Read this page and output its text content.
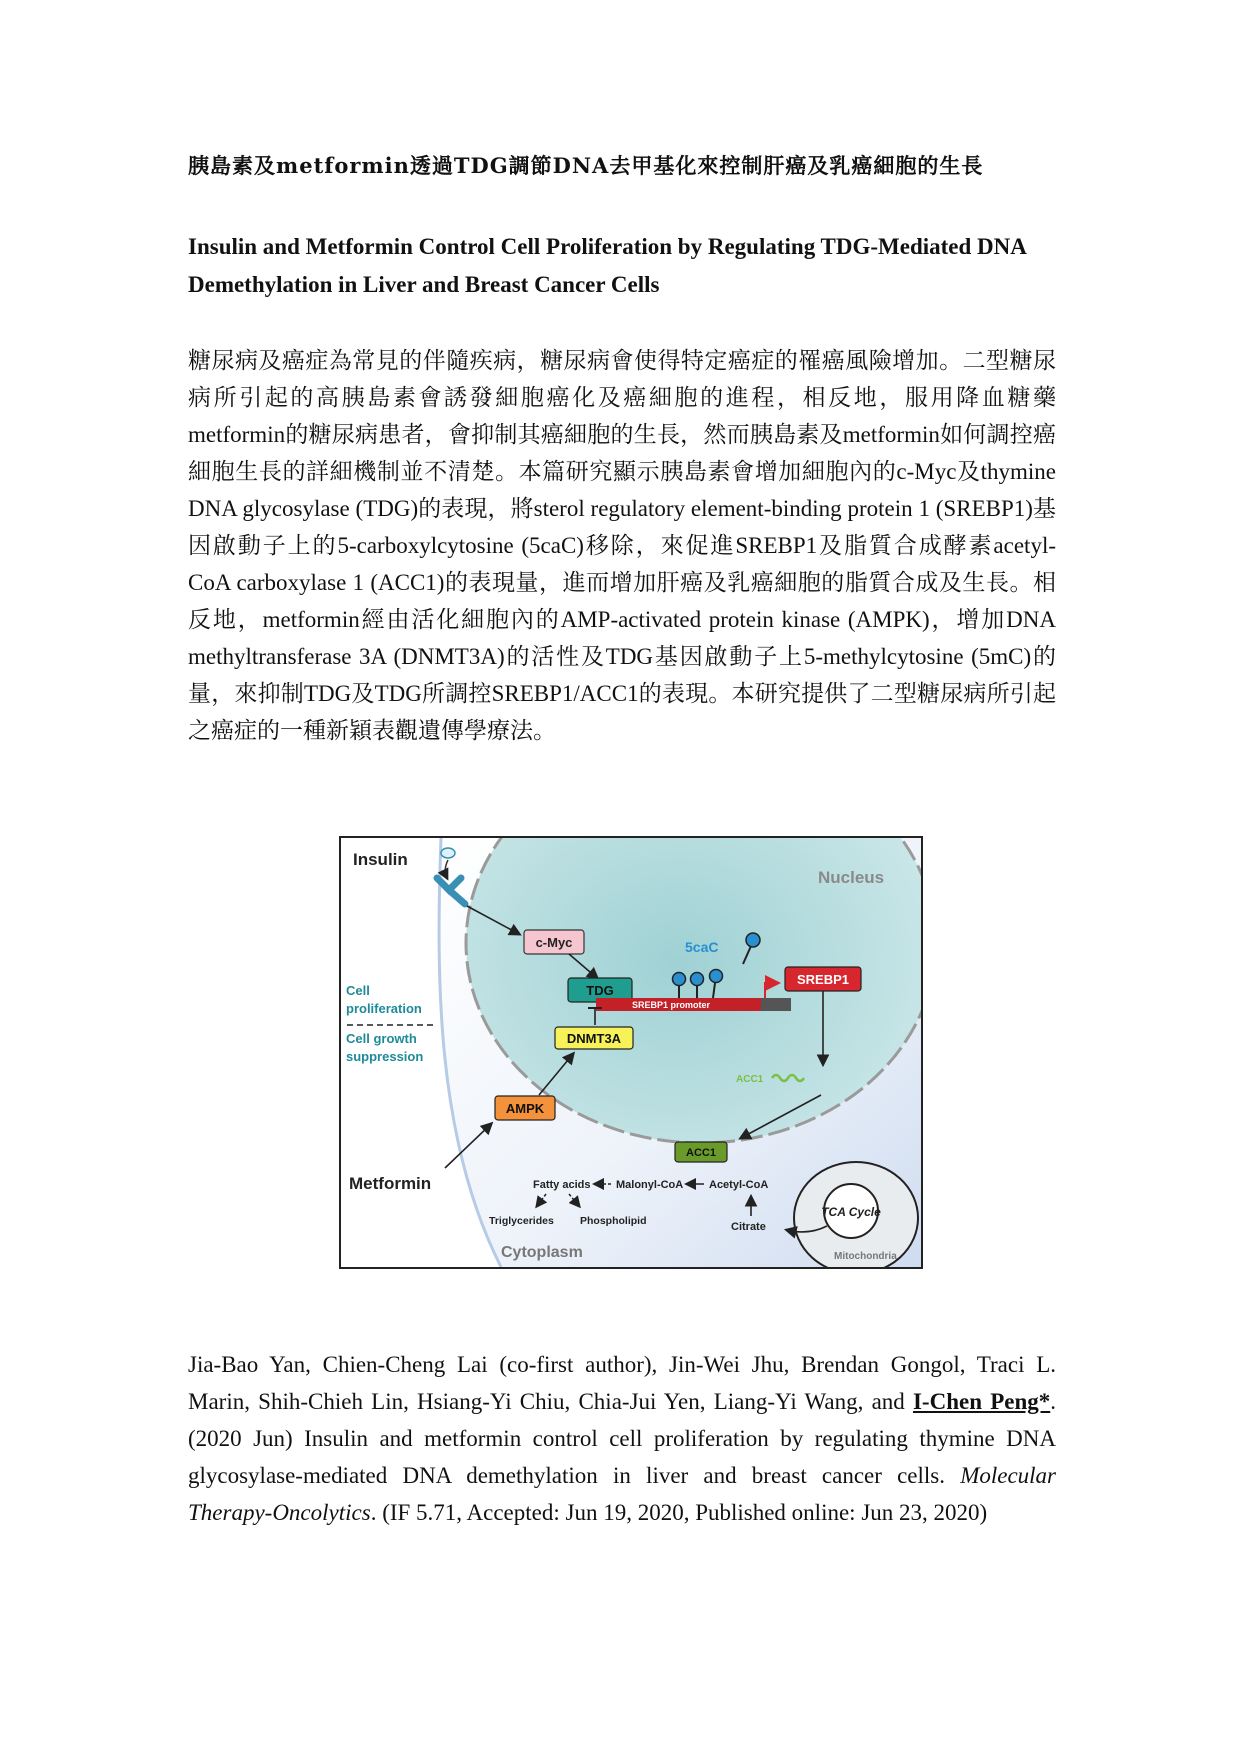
胰島素及metformin透過TDG調節DNA去甲基化來控制肝癌及乳癌細胞的生長
Insulin and Metformin Control Cell Proliferation by Regulating TDG-Mediated DNA Demethylation in Liver and Breast Cancer Cells
糖尿病及癌症為常見的伴隨疾病，糖尿病會使得特定癌症的罹癌風險增加。二型糖尿病所引起的高胰島素會誘發細胞癌化及癌細胞的進程，相反地，服用降血糖藥metformin的糖尿病患者，會抑制其癌細胞的生長，然而胰島素及metformin如何調控癌細胞生長的詳細機制並不清楚。本篇研究顯示胰島素會增加細胞內的c-Myc及thymine DNA glycosylase (TDG)的表現，將sterol regulatory element-binding protein 1 (SREBP1)基因啟動子上的5-carboxylcytosine (5caC)移除，來促進SREBP1及脂質合成酵素acetyl-CoA carboxylase 1 (ACC1)的表現量，進而增加肝癌及乳癌細胞的脂質合成及生長。相反地，metformin經由活化細胞內的AMP-activated protein kinase (AMPK)，增加DNA methyltransferase 3A (DNMT3A)的活性及TDG基因啟動子上5-methylcytosine (5mC)的量，來抑制TDG及TDG所調控SREBP1/ACC1的表現。本研究提供了二型糖尿病所引起之癌症的一種新穎表觀遺傳學療法。
Nucleus
Insulin
c-Myc	5caC
TDG
SREBP1 promoter
SREBP1
Cell
proliferation
Cell growth
suppression
DNMT3A
ACC1
AMPK
Metformin
ACC1
Fatty acids Malonyl-CoA Acetyl-CoA
Triglycerides Phospholipid	Citrate
TCA Cycle
Mitochondria
Cytoplasm
Jia-Bao Yan, Chien-Cheng Lai (co-first author), Jin-Wei Jhu, Brendan Gongol, Traci L. Marin, Shih-Chieh Lin, Hsiang-Yi Chiu, Chia-Jui Yen, Liang-Yi Wang, and I-Chen Peng*. (2020 Jun) Insulin and metformin control cell proliferation by regulating thymine DNA glycosylase-mediated DNA demethylation in liver and breast cancer cells. Molecular Therapy-Oncolytics. (IF 5.71, Accepted: Jun 19, 2020, Published online: Jun 23, 2020)
